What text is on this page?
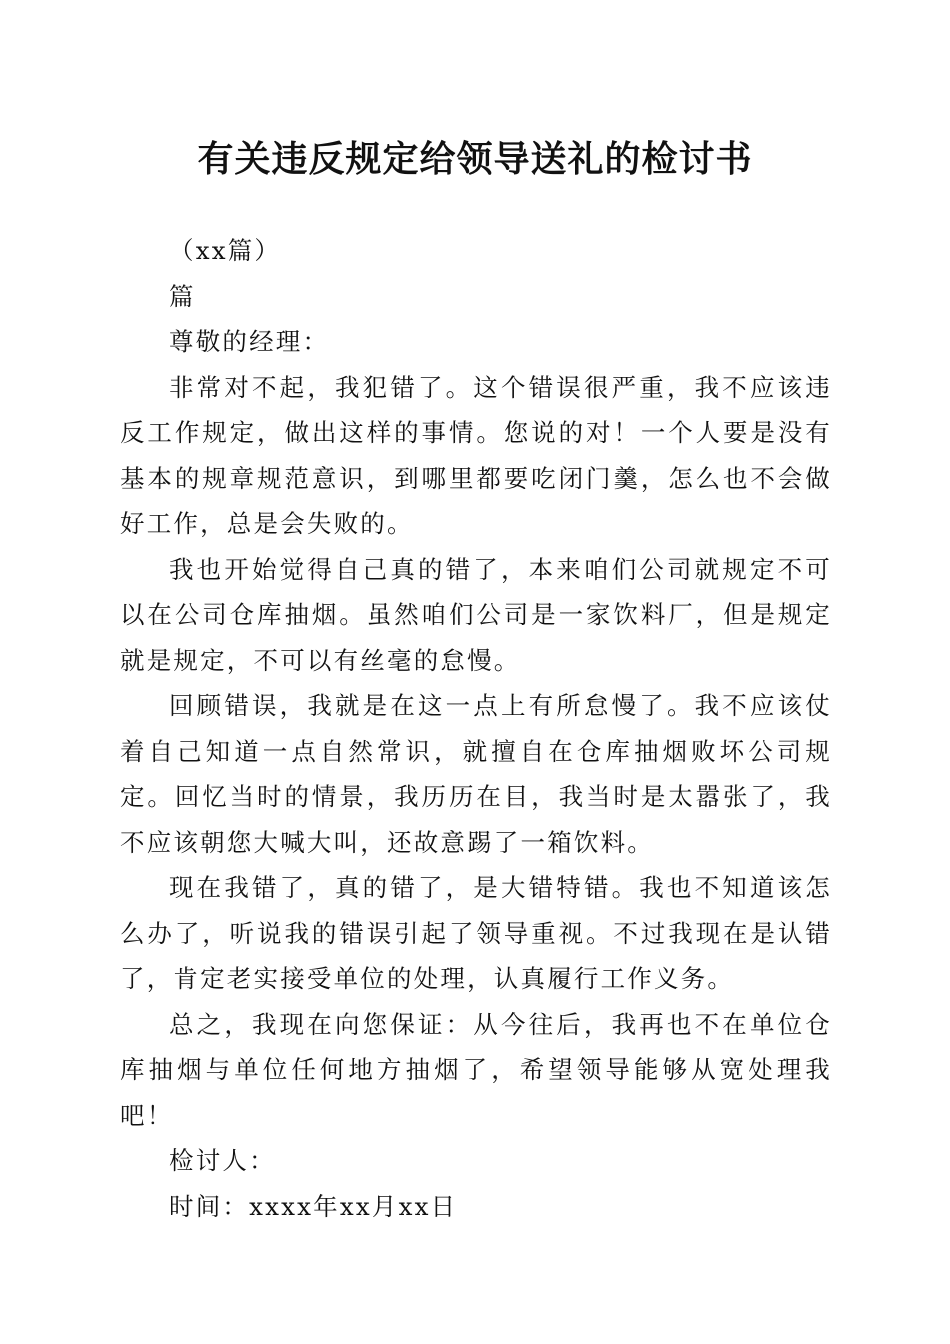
有关违反规定给领导送礼的检讨书

（xx篇）

篇

尊敬的经理：

非常对不起，我犯错了。这个错误很严重，我不应该违反工作规定，做出这样的事情。您说的对！一个人要是没有基本的规章规范意识，到哪里都要吃闭门羹，怎么也不会做好工作，总是会失败的。

我也开始觉得自己真的错了，本来咱们公司就规定不可以在公司仓库抽烟。虽然咱们公司是一家饮料厂，但是规定就是规定，不可以有丝毫的怠慢。

回顾错误，我就是在这一点上有所怠慢了。我不应该仗着自己知道一点自然常识，就擅自在仓库抽烟败坏公司规定。回忆当时的情景，我历历在目，我当时是太嚣张了，我不应该朝您大喊大叫，还故意踢了一箱饮料。

现在我错了，真的错了，是大错特错。我也不知道该怎么办了，听说我的错误引起了领导重视。不过我现在是认错了，肯定老实接受单位的处理，认真履行工作义务。

总之，我现在向您保证：从今往后，我再也不在单位仓库抽烟与单位任何地方抽烟了，希望领导能够从宽处理我吧！

检讨人：

时间：xxxx年xx月xx日
